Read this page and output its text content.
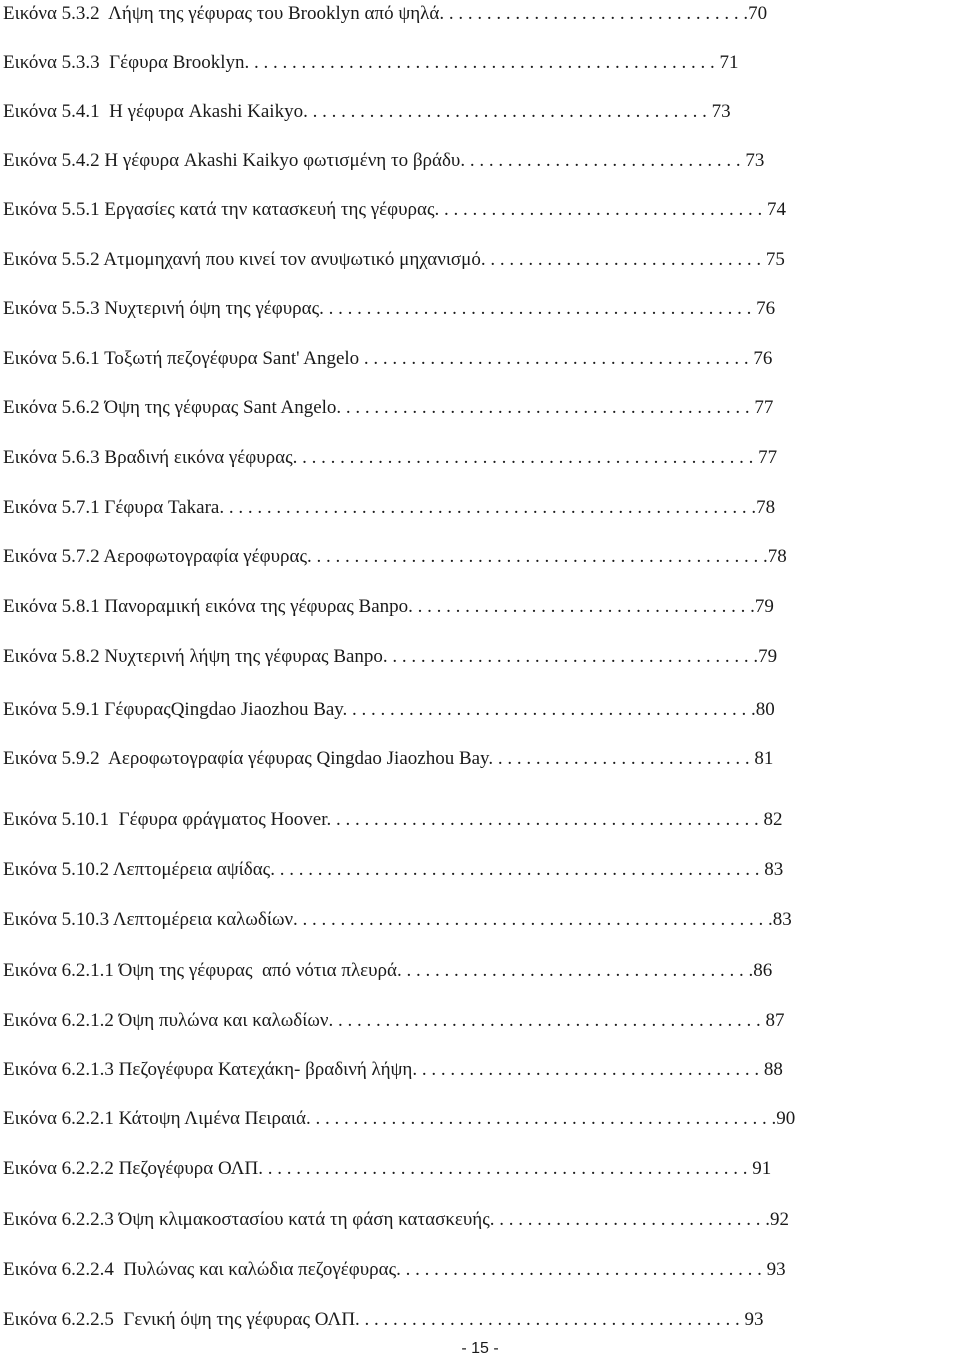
Εικόνα 5.3.2  Λήψη της γέφυρας του Brooklyn από ψηλά. . . . . . . . . . . . . . . . . . . . . . . . . . . . . . . . .70
Εικόνα 5.3.3  Γέφυρα Brooklyn. . . . . . . . . . . . . . . . . . . . . . . . . . . . . . . . . . . . . . . . . . . . . . . . . . 71
Εικόνα 5.4.1  Η γέφυρα Akashi Kaikyo. . . . . . . . . . . . . . . . . . . . . . . . . . . . . . . . . . . . . . . . . . . 73
Εικόνα 5.4.2 Η γέφυρα Akashi Kaikyo φωτισμένη το βράδυ. . . . . . . . . . . . . . . . . . . . . . . . . . . . . . 73
Εικόνα 5.5.1 Εργασίες κατά την κατασκευή της γέφυρας. . . . . . . . . . . . . . . . . . . . . . . . . . . . . . . . . . . 74
Εικόνα 5.5.2 Ατμομηχανή που κινεί τον ανυψωτικό μηχανισμό. . . . . . . . . . . . . . . . . . . . . . . . . . . . . . 75
Εικόνα 5.5.3 Νυχτερινή όψη της γέφυρας. . . . . . . . . . . . . . . . . . . . . . . . . . . . . . . . . . . . . . . . . . . . . . 76
Εικόνα 5.6.1 Τοξωτή πεζογέφυρα Sant' Angelo . . . . . . . . . . . . . . . . . . . . . . . . . . . . . . . . . . . . . . . . . 76
Εικόνα 5.6.2 Όψη της γέφυρας Sant Angelo. . . . . . . . . . . . . . . . . . . . . . . . . . . . . . . . . . . . . . . . . . . . 77
Εικόνα 5.6.3 Βραδινή εικόνα γέφυρας. . . . . . . . . . . . . . . . . . . . . . . . . . . . . . . . . . . . . . . . . . . . . . . . . 77
Εικόνα 5.7.1 Γέφυρα Takara. . . . . . . . . . . . . . . . . . . . . . . . . . . . . . . . . . . . . . . . . . . . . . . . . . . . . . . . .78
Εικόνα 5.7.2 Αεροφωτογραφία γέφυρας. . . . . . . . . . . . . . . . . . . . . . . . . . . . . . . . . . . . . . . . . . . . . . . . .78
Εικόνα 5.8.1 Πανοραμική εικόνα της γέφυρας Banpo. . . . . . . . . . . . . . . . . . . . . . . . . . . . . . . . . . . . .79
Εικόνα 5.8.2 Νυχτερινή λήψη της γέφυρας Banpo. . . . . . . . . . . . . . . . . . . . . . . . . . . . . . . . . . . . . . . .79
Εικόνα 5.9.1 ΓέφυραςQingdao Jiaozhou Bay. . . . . . . . . . . . . . . . . . . . . . . . . . . . . . . . . . . . . . . . . . . .80
Εικόνα 5.9.2  Αεροφωτογραφία γέφυρας Qingdao Jiaozhou Bay. . . . . . . . . . . . . . . . . . . . . . . . . . . . 81
Εικόνα 5.10.1  Γέφυρα φράγματος Hoover. . . . . . . . . . . . . . . . . . . . . . . . . . . . . . . . . . . . . . . . . . . . . . 82
Εικόνα 5.10.2 Λεπτομέρεια αψίδας. . . . . . . . . . . . . . . . . . . . . . . . . . . . . . . . . . . . . . . . . . . . . . . . . . . . 83
Εικόνα 5.10.3 Λεπτομέρεια καλωδίων. . . . . . . . . . . . . . . . . . . . . . . . . . . . . . . . . . . . . . . . . . . . . . . . . . .83
Εικόνα 6.2.1.1 Όψη της γέφυρας  από νότια πλευρά. . . . . . . . . . . . . . . . . . . . . . . . . . . . . . . . . . . . . .86
Εικόνα 6.2.1.2 Όψη πυλώνα και καλωδίων. . . . . . . . . . . . . . . . . . . . . . . . . . . . . . . . . . . . . . . . . . . . . . 87
Εικόνα 6.2.1.3 Πεζογέφυρα Κατεχάκη- βραδινή λήψη. . . . . . . . . . . . . . . . . . . . . . . . . . . . . . . . . . . . . 88
Εικόνα 6.2.2.1 Κάτοψη Λιμένα Πειραιά. . . . . . . . . . . . . . . . . . . . . . . . . . . . . . . . . . . . . . . . . . . . . . . . . .90
Εικόνα 6.2.2.2 Πεζογέφυρα ΟΛΠ. . . . . . . . . . . . . . . . . . . . . . . . . . . . . . . . . . . . . . . . . . . . . . . . . . . . 91
Εικόνα 6.2.2.3 Όψη κλιμακοστασίου κατά τη φάση κατασκευής. . . . . . . . . . . . . . . . . . . . . . . . . . . . . .92
Εικόνα 6.2.2.4  Πυλώνας και καλώδια πεζογέφυρας. . . . . . . . . . . . . . . . . . . . . . . . . . . . . . . . . . . . . . . 93
Εικόνα 6.2.2.5  Γενική όψη της γέφυρας ΟΛΠ. . . . . . . . . . . . . . . . . . . . . . . . . . . . . . . . . . . . . . . . . 93
- 15 -
